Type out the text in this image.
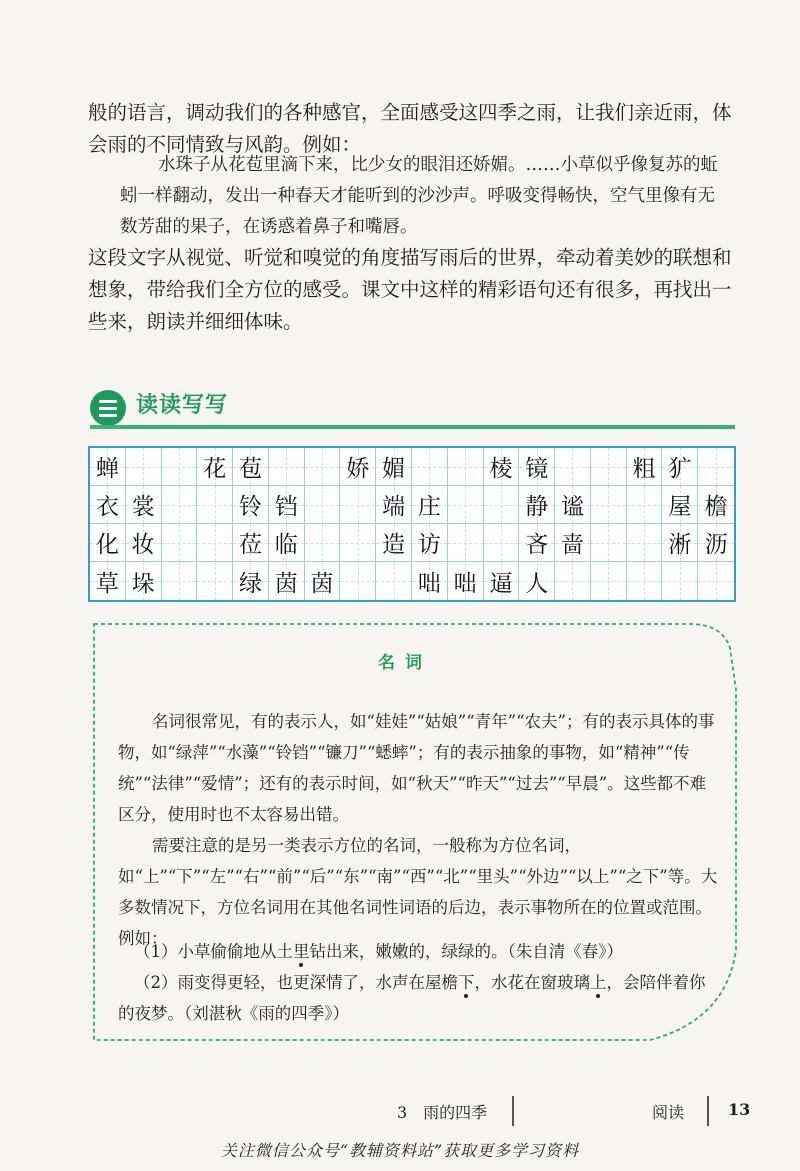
般的语言，调动我们的各种感官，全面感受这四季之雨，让我们亲近雨，体会雨的不同情致与风韵。例如：

水珠子从花苞里滴下来，比少女的眼泪还娇媚。……小草似乎像复苏的蚯蚓一样翻动，发出一种春天才能听到的沙沙声。呼吸变得畅快，空气里像有无数芳甜的果子，在诱惑着鼻子和嘴唇。

这段文字从视觉、听觉和嗅觉的角度描写雨后的世界，牵动着美妙的联想和想象，带给我们全方位的感受。课文中这样的精彩语句还有很多，再找出一些来，朗读并细细体味。

读读写写
蝉	花 苞	娇 媚	棱 镜	粗 犷
衣 裳	铃 铛	端 庄	静 谧	屋 檐
化 妆	莅 临	造 访	吝 啬	淅 沥
草 垛	绿 茵 茵	咄 咄 逼 人
名词

名词很常见，有的表示人，如“娃娃”“姑娘”“青年”“农夫”；有的表示具体的事物，如“绿萍”“水藻”“铃铛”“镰刀”“蟋蟀”；有的表示抽象的事物，如“精神”“传统”“法律”“爱情”；还有的表示时间，如“秋天”“昨天”“过去”“早晨”。这些都不难区分，使用时也不太容易出错。

需要注意的是另一类表示方位的名词，一般称为方位名词，如“上”“下”“左”“右”“前”“后”“东”“南”“西”“北”“里头”“外边”“以上”“之下”等。大多数情况下，方位名词用在其他名词性词语的后边，表示事物所在的位置或范围。例如：

（1）小草偷偷地从土里钻出来，嫩嫩的，绿绿的。（朱自清《春》）

（2）雨变得更轻，也更深情了，水声在屋檐下，水花在窗玻璃上，会陪伴着你的夜梦。（刘湛秋《雨的四季》）

3　雨的四季	阅读	13
关注微信公众号“教辅资料站”获取更多学习资料
